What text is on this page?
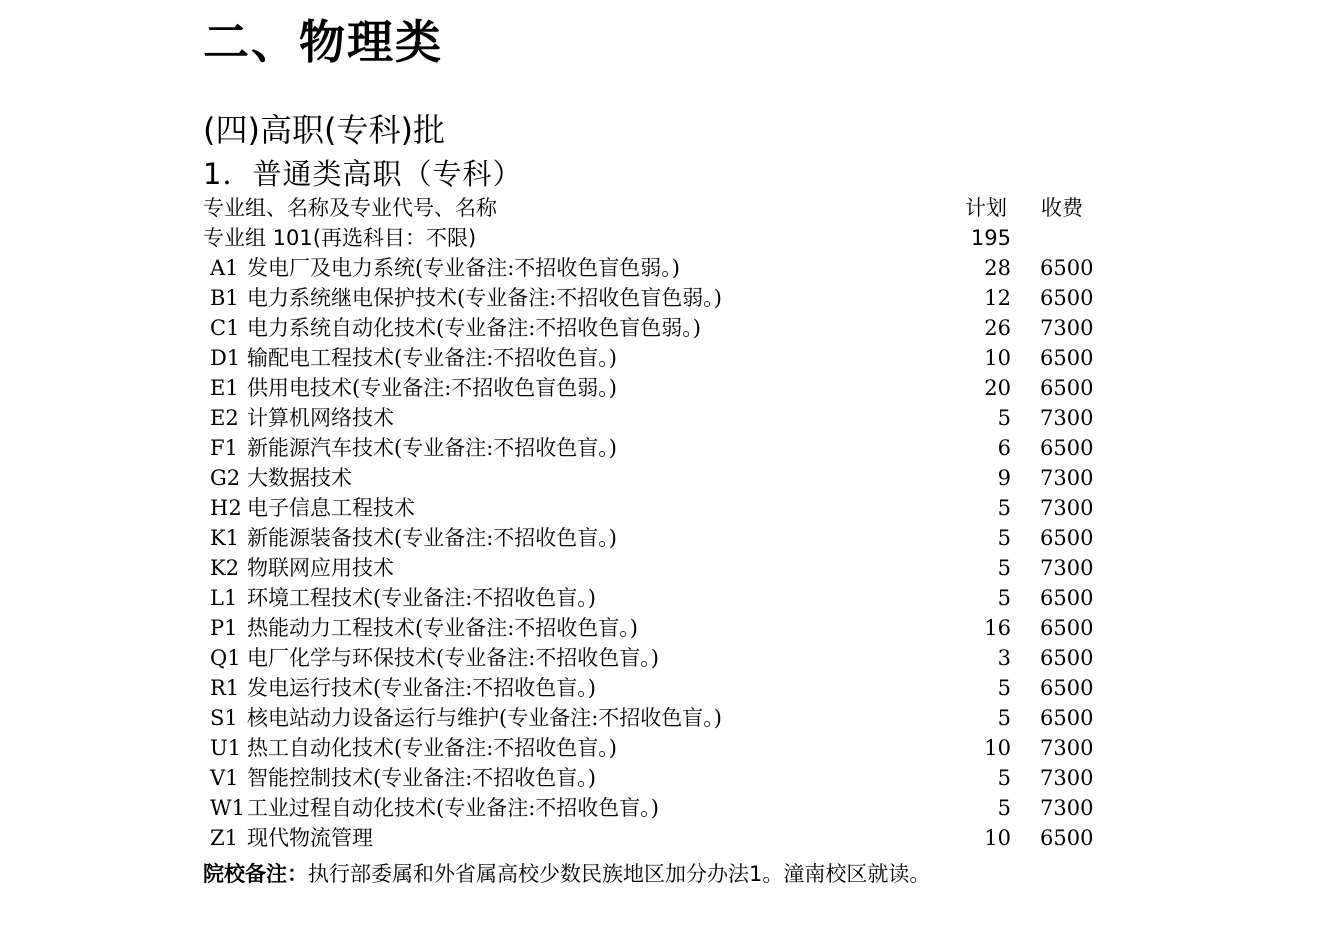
二、物理类
(四)高职(专科)批
1．普通类高职（专科）
专业组、名称及专业代号、名称	计划 收费
专业组 101(再选科目：不限)	195
A1 发电厂及电力系统(专业备注:不招收色盲色弱。)	28 6500
B1 电力系统继电保护技术(专业备注:不招收色盲色弱。)	12 6500
C1 电力系统自动化技术(专业备注:不招收色盲色弱。)	26 7300
D1 输配电工程技术(专业备注:不招收色盲。)	10 6500
E1 供用电技术(专业备注:不招收色盲色弱。)	20 6500
E2 计算机网络技术	5 7300
F1 新能源汽车技术(专业备注:不招收色盲。)	6 6500
G2 大数据技术	9 7300
H2 电子信息工程技术	5 7300
K1 新能源装备技术(专业备注:不招收色盲。)	5 6500
K2 物联网应用技术	5 7300
L1 环境工程技术(专业备注:不招收色盲。)	5 6500
P1 热能动力工程技术(专业备注:不招收色盲。)	16 6500
Q1 电厂化学与环保技术(专业备注:不招收色盲。)	3 6500
R1 发电运行技术(专业备注:不招收色盲。)	5 6500
S1 核电站动力设备运行与维护(专业备注:不招收色盲。)	5 6500
U1 热工自动化技术(专业备注:不招收色盲。)	10 7300
V1 智能控制技术(专业备注:不招收色盲。)	5 7300
W1 工业过程自动化技术(专业备注:不招收色盲。)	5 7300
Z1 现代物流管理	10 6500
院校备注：执行部委属和外省属高校少数民族地区加分办法1。潼南校区就读。
